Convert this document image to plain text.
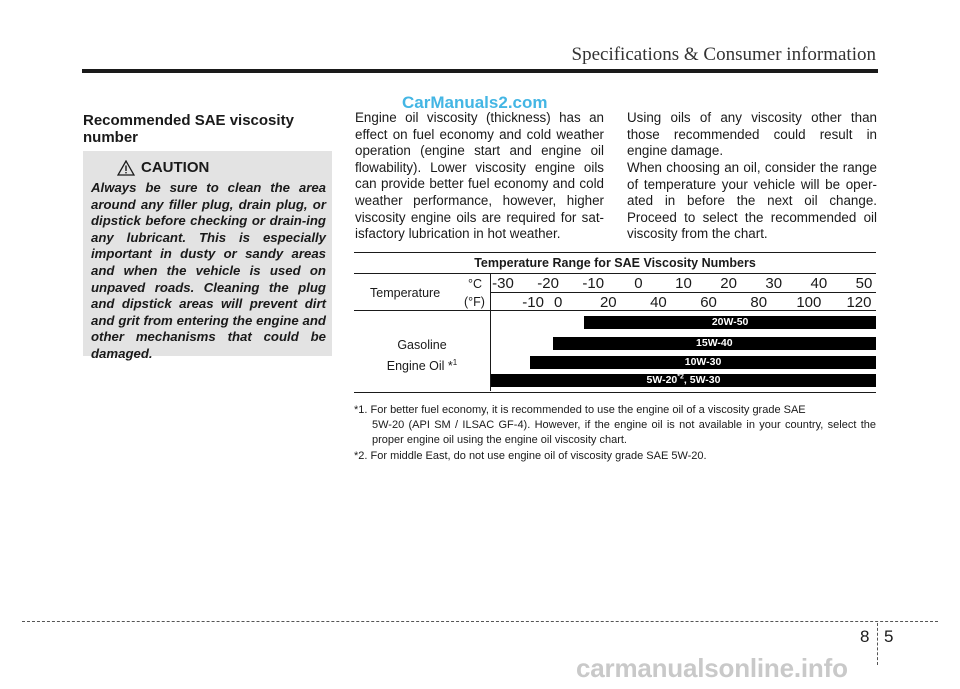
Specifications & Consumer information
CarManuals2.com
Recommended SAE viscosity number
CAUTION
Always be sure to clean the area around any filler plug, drain plug, or dipstick before checking or drain-ing any lubricant. This is especially important in dusty or sandy areas and when the vehicle is used on unpaved roads. Cleaning the plug and dipstick areas will prevent dirt and grit from entering the engine and other mechanisms that could be damaged.

Engine oil viscosity (thickness) has an effect on fuel economy and cold weather operation (engine start and engine oil flowability). Lower viscosity engine oils can provide better fuel economy and cold weather performance, however, higher viscosity engine oils are required for sat-isfactory lubrication in hot weather.

Using oils of any viscosity other than those recommended could result in engine damage.

When choosing an oil, consider the range of temperature your vehicle will be oper-ated in before the next oil change. Proceed to select the recommended oil viscosity from the chart.

Temperature Range for SAE Viscosity Numbers
Temperature
°C
(°F)
-30 -20 -10 0 10 20 30 40 50
-10 0	20 40 60 80 100 120
Gasoline
Engine Oil *$^1$
20W-50
15W-40
10W-30
5W-20$^{*2}$, 5W-30

*1. For better fuel economy, it is recommended to use the engine oil of a viscosity grade SAE
5W-20 (API SM / ILSAC GF-4). However, if the engine oil is not available in your country, select the proper engine oil using the engine oil viscosity chart.

*2. For middle East, do not use engine oil of viscosity grade SAE 5W-20.

8 5
carmanualsonline.info
